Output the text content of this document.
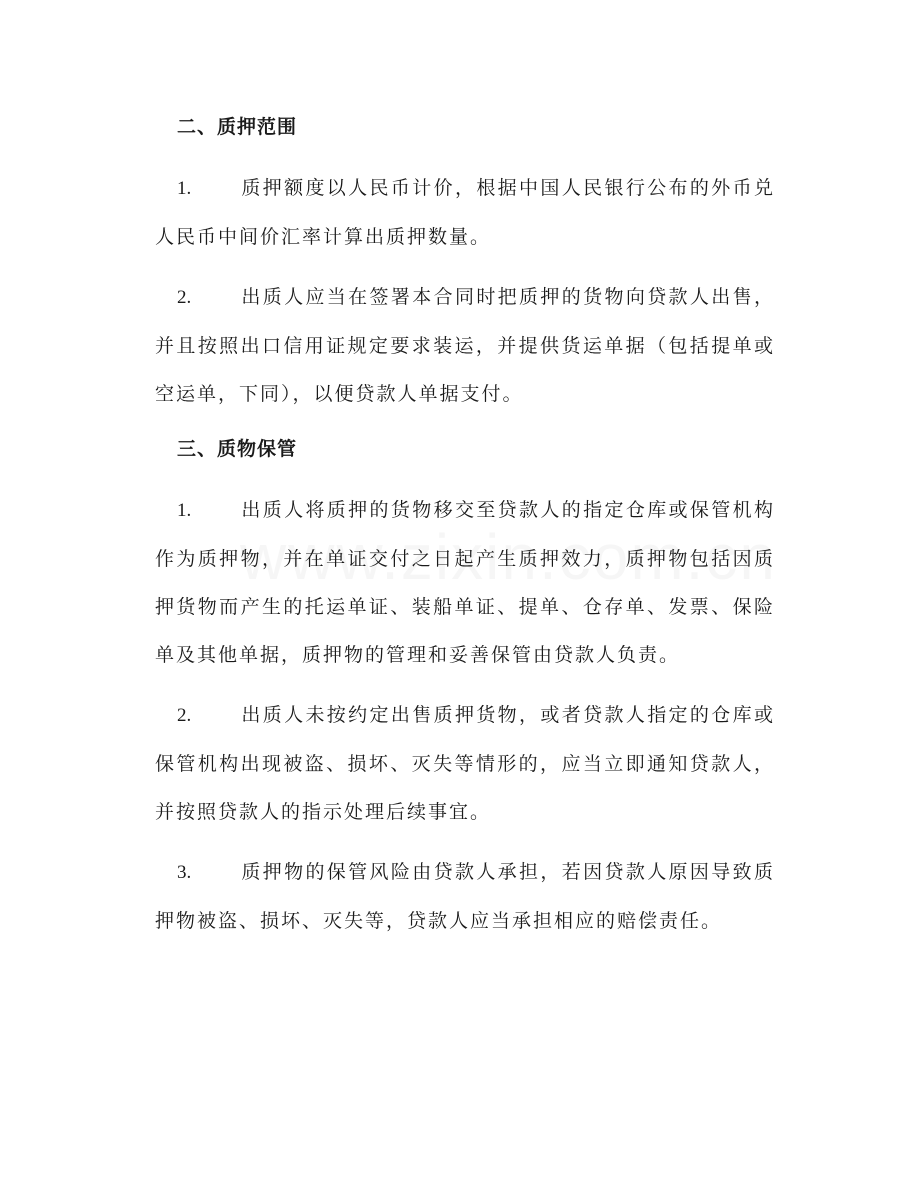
二、质押范围

1.	质押额度以人民币计价，根据中国人民银行公布的外币兑人民币中间价汇率计算出质押数量。

2.	出质人应当在签署本合同时把质押的货物向贷款人出售，并且按照出口信用证规定要求装运，并提供货运单据（包括提单或空运单，下同），以便贷款人单据支付。

三、质物保管

1.	出质人将质押的货物移交至贷款人的指定仓库或保管机构作为质押物，并在单证交付之日起产生质押效力，质押物包括因质押货物而产生的托运单证、装船单证、提单、仓存单、发票、保险单及其他单据，质押物的管理和妥善保管由贷款人负责。

2.	出质人未按约定出售质押货物，或者贷款人指定的仓库或保管机构出现被盗、损坏、灭失等情形的，应当立即通知贷款人，并按照贷款人的指示处理后续事宜。

3.	质押物的保管风险由贷款人承担，若因贷款人原因导致质押物被盗、损坏、灭失等，贷款人应当承担相应的赔偿责任。
